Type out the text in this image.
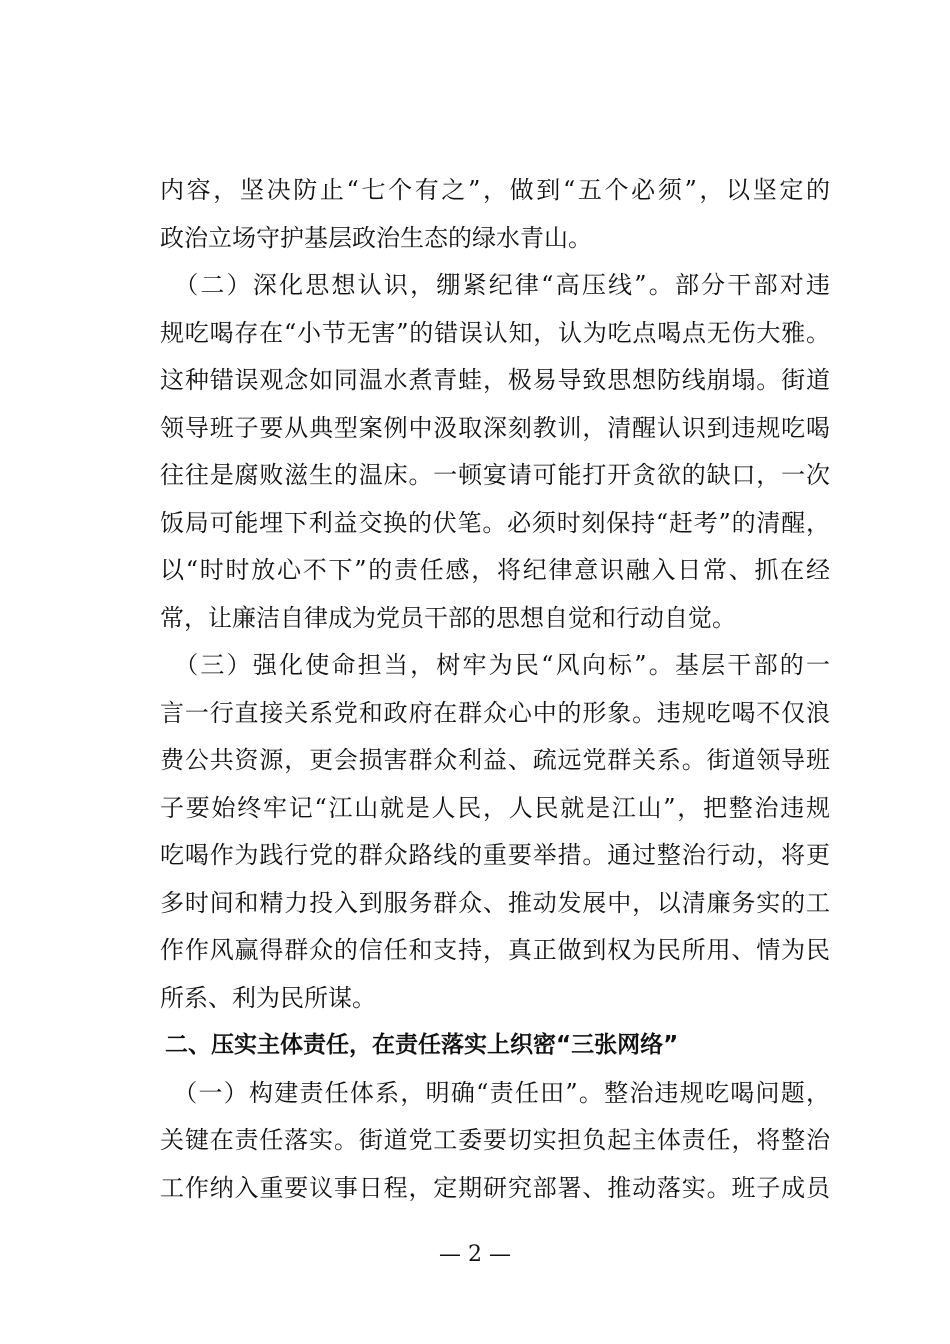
内容，坚决防止“七个有之”，做到“五个必须”，以坚定的
政治立场守护基层政治生态的绿水青山。
　（二）深化思想认识，绷紧纪律“高压线”。部分干部对违
规吃喝存在“小节无害”的错误认知，认为吃点喝点无伤大雅。
这种错误观念如同温水煮青蛙，极易导致思想防线崩塌。街道
领导班子要从典型案例中汲取深刻教训，清醒认识到违规吃喝
往往是腐败滋生的温床。一顿宴请可能打开贪欲的缺口，一次
饭局可能埋下利益交换的伏笔。必须时刻保持“赶考”的清醒，
以“时时放心不下”的责任感，将纪律意识融入日常、抓在经
常，让廉洁自律成为党员干部的思想自觉和行动自觉。
　（三）强化使命担当，树牢为民“风向标”。基层干部的一
言一行直接关系党和政府在群众心中的形象。违规吃喝不仅浪
费公共资源，更会损害群众利益、疏远党群关系。街道领导班
子要始终牢记“江山就是人民，人民就是江山”，把整治违规
吃喝作为践行党的群众路线的重要举措。通过整治行动，将更
多时间和精力投入到服务群众、推动发展中，以清廉务实的工
作作风赢得群众的信任和支持，真正做到权为民所用、情为民
所系、利为民所谋。
二、压实主体责任，在责任落实上织密“三张网络”
　（一）构建责任体系，明确“责任田”。整治违规吃喝问题，
关键在责任落实。街道党工委要切实担负起主体责任，将整治
工作纳入重要议事日程，定期研究部署、推动落实。班子成员
— 2 —
